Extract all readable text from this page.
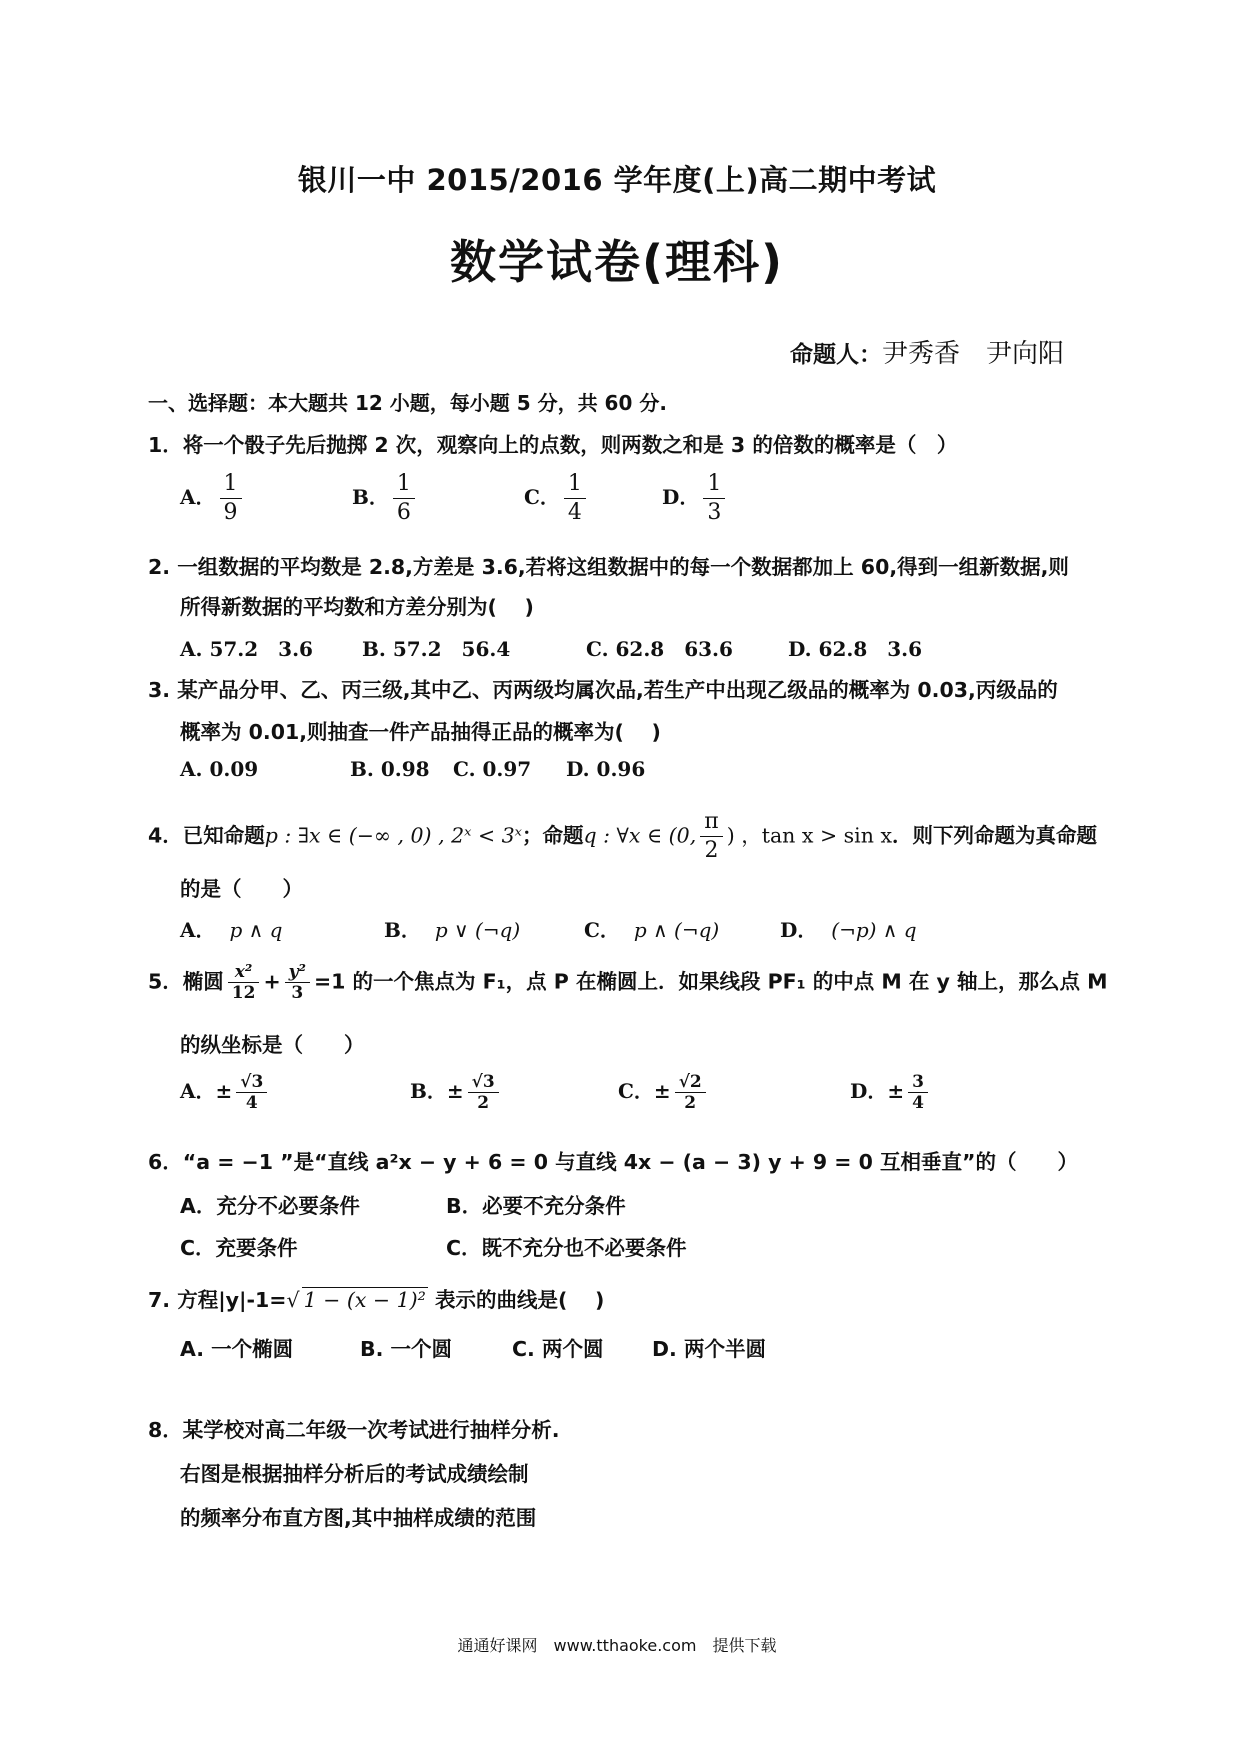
银川一中 2015/2016 学年度(上)高二期中考试
数学试卷(理科)
命题人：尹秀香　尹向阳
一、选择题：本大题共 12 小题，每小题 5 分，共 60 分.
1．将一个骰子先后抛掷 2 次，观察向上的点数，则两数之和是 3 的倍数的概率是（　）
A． $\frac{1}{9}$	B． $\frac{1}{6}$	C． $\frac{1}{4}$	D． $\frac{1}{3}$
2. 一组数据的平均数是 2.8,方差是 3.6,若将这组数据中的每一个数据都加上 60,得到一组新数据,则
所得新数据的平均数和方差分别为(　 )
A. 57.2　3.6 B. 57.2　56.4	C. 62.8　63.6	D. 62.8　3.6
3. 某产品分甲、乙、丙三级,其中乙、丙两级均属次品,若生产中出现乙级品的概率为 0.03,丙级品的
概率为 0.01,则抽查一件产品抽得正品的概率为(　 )
A. 0.09	B. 0.98 C. 0.97 D. 0.96
4．已知命题p : ∃x ∈ (−∞ , 0) , 2ˣ < 3ˣ；命题q : ∀x ∈ (0, $\frac{\pi}{2}$ ) ，tan x > sin x．则下列命题为真命题
的是（　　）
A． p ∧ q	B． p ∨ (¬q)	C． p ∧ (¬q)	D． (¬p) ∧ q
5．椭圆 $\frac{\text{x²}}{12} + \frac{\text{y²}}{3} =1$ 的一个焦点为 F₁，点 P 在椭圆上．如果线段 PF₁ 的中点 M 在 y 轴上，那么点 M
的纵坐标是（　　）
A．± $\frac{√3}{4}$	B．± $\frac{√3}{2}$	C．± $\frac{√2}{2}$	D．± $\frac{3}{4}$
6．“a = −1 ”是“直线 a²x − y + 6 = 0 与直线 4x − (a − 3) y + 9 = 0 互相垂直”的（　　）
A．充分不必要条件	B．必要不充分条件
C．充要条件	C．既不充分也不必要条件
7. 方程|y|-1=√ 1 − (x − 1)² 表示的曲线是(　 )
A. 一个椭圆	B. 一个圆	C. 两个圆 D. 两个半圆
8．某学校对高二年级一次考试进行抽样分析.
右图是根据抽样分析后的考试成绩绘制
的频率分布直方图,其中抽样成绩的范围
通通好课网　www.tthaoke.com　提供下载
